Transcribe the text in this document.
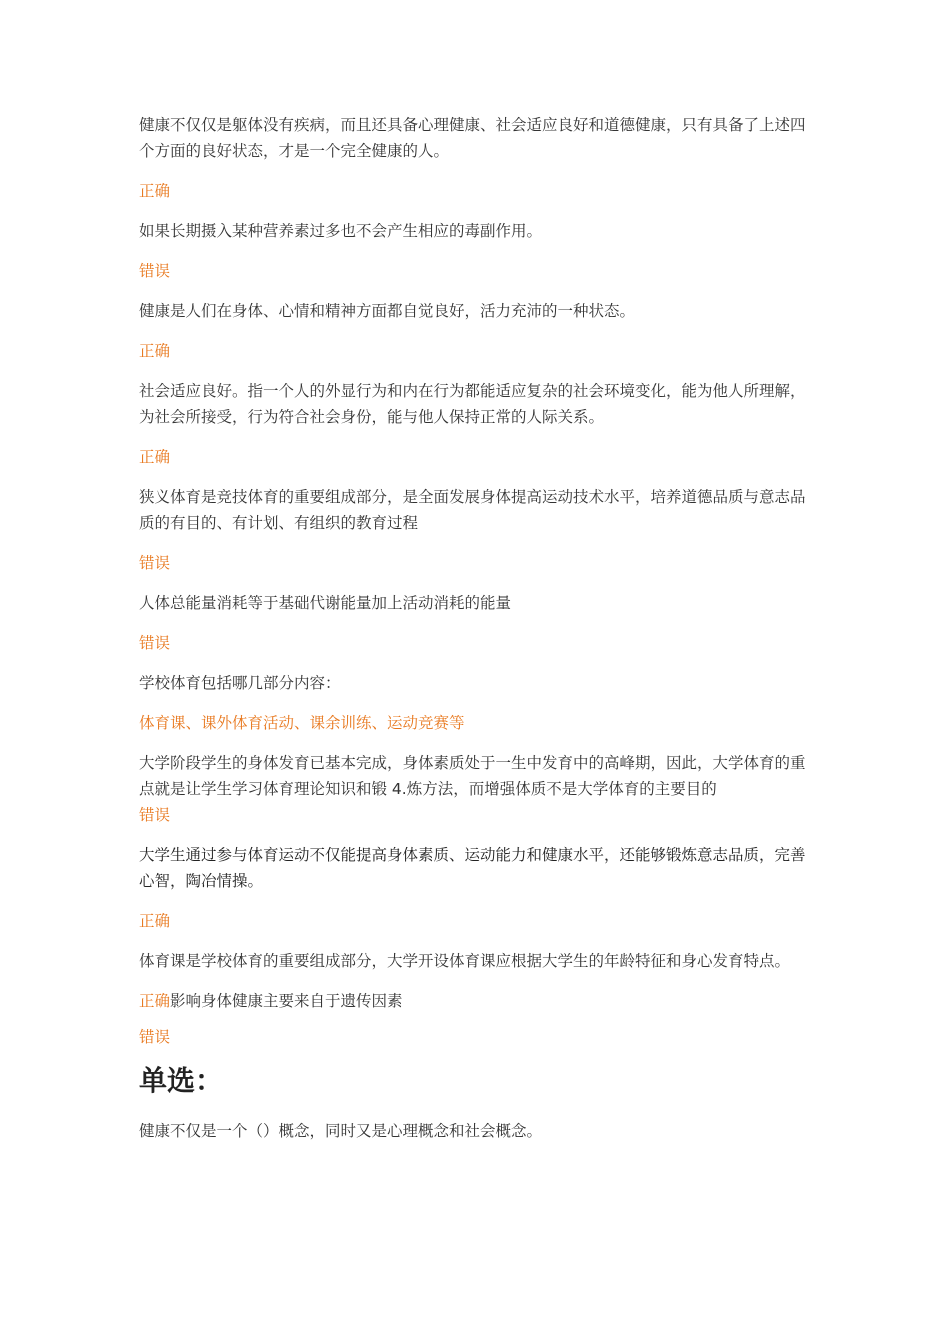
健康不仅仅是躯体没有疾病，而且还具备心理健康、社会适应良好和道德健康，只有具备了上述四个方面的良好状态，才是一个完全健康的人。

正确

如果长期摄入某种营养素过多也不会产生相应的毒副作用。

错误

健康是人们在身体、心情和精神方面都自觉良好，活力充沛的一种状态。

正确

社会适应良好。指一个人的外显行为和内在行为都能适应复杂的社会环境变化，能为他人所理解，为社会所接受，行为符合社会身份，能与他人保持正常的人际关系。

正确

狭义体育是竞技体育的重要组成部分，是全面发展身体提高运动技术水平，培养道德品质与意志品质的有目的、有计划、有组织的教育过程

错误

人体总能量消耗等于基础代谢能量加上活动消耗的能量

错误

学校体育包括哪几部分内容：

体育课、课外体育活动、课余训练、运动竞赛等

大学阶段学生的身体发育已基本完成，身体素质处于一生中发育中的高峰期，因此，大学体育的重点就是让学生学习体育理论知识和锻 4.炼方法，而增强体质不是大学体育的主要目的

错误

大学生通过参与体育运动不仅能提高身体素质、运动能力和健康水平，还能够锻炼意志品质，完善心智，陶冶情操。

正确

体育课是学校体育的重要组成部分，大学开设体育课应根据大学生的年龄特征和身心发育特点。

正确影响身体健康主要来自于遗传因素

错误

单选：

健康不仅是一个（）概念，同时又是心理概念和社会概念。
